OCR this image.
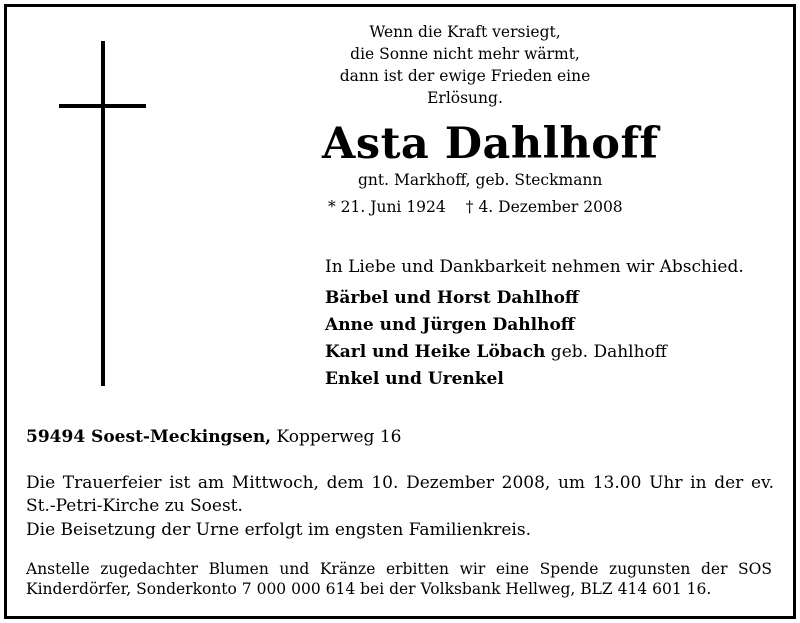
Wenn die Kraft versiegt,
die Sonne nicht mehr wärmt,
dann ist der ewige Frieden eine Erlösung.
Asta Dahlhoff
gnt. Markhoff, geb. Steckmann
* 21. Juni 1924 † 4. Dezember 2008
In Liebe und Dankbarkeit nehmen wir Abschied.
Bärbel und Horst Dahlhoff
Anne und Jürgen Dahlhoff
Karl und Heike Löbach geb. Dahlhoff
Enkel und Urenkel
59494 Soest-Meckingsen, Kopperweg 16
Die Trauerfeier ist am Mittwoch, dem 10. Dezember 2008, um 13.00 Uhr in der ev. St.-Petri-Kirche zu Soest.
Die Beisetzung der Urne erfolgt im engsten Familienkreis.
Anstelle zugedachter Blumen und Kränze erbitten wir eine Spende zugunsten der SOS Kinderdörfer, Sonderkonto 7 000 000 614 bei der Volksbank Hellweg, BLZ 414 601 16.
